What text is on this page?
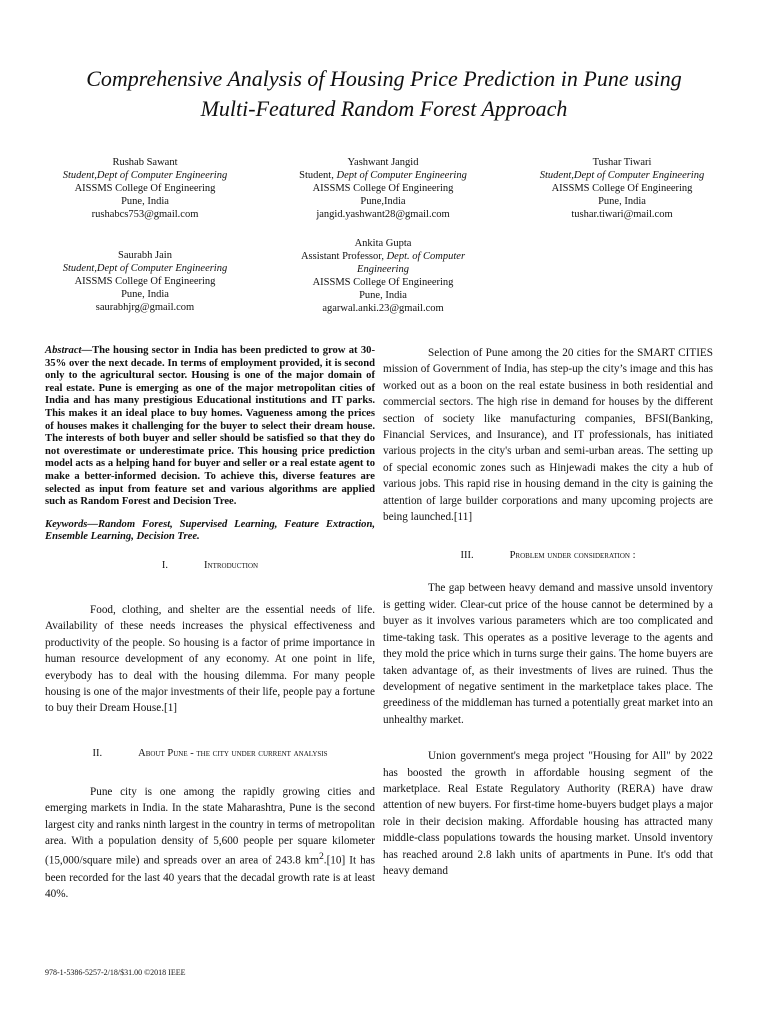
Comprehensive Analysis of Housing Price Prediction in Pune using
Multi-Featured Random Forest Approach
Rushab Sawant
Student,Dept of Computer Engineering
AISSMS College Of Engineering
Pune, India
rushabcs753@gmail.com
Yashwant Jangid
Student, Dept of Computer Engineering
AISSMS College Of Engineering
Pune,India
jangid.yashwant28@gmail.com
Tushar Tiwari
Student,Dept of Computer Engineering
AISSMS College Of Engineering
Pune, India
tushar.tiwari@mail.com
Saurabh Jain
Student,Dept of Computer Engineering
AISSMS College Of Engineering
Pune, India
saurabhjrg@gmail.com
Ankita Gupta
Assistant Professor, Dept. of Computer Engineering
AISSMS College Of Engineering
Pune, India
agarwal.anki.23@gmail.com

Abstract—The housing sector in India has been predicted to grow at 30-35% over the next decade. In terms of employment provided, it is second only to the agricultural sector. Housing is one of the major domain of real estate. Pune is emerging as one of the major metropolitan cities of India and has many prestigious Educational institutions and IT parks. This makes it an ideal place to buy homes. Vagueness among the prices of houses makes it challenging for the buyer to select their dream house. The interests of both buyer and seller should be satisfied so that they do not overestimate or underestimate price. This housing price prediction model acts as a helping hand for buyer and seller or a real estate agent to make a better-informed decision. To achieve this, diverse features are selected as input from feature set and various algorithms are applied such as Random Forest and Decision Tree.

Keywords—Random Forest, Supervised Learning, Feature Extraction, Ensemble Learning, Decision Tree.

I.	Introduction

Food, clothing, and shelter are the essential needs of life. Availability of these needs increases the physical effectiveness and productivity of the people. So housing is a factor of prime importance in human resource development of any economy. At one point in life, everybody has to deal with the housing dilemma. For many people housing is one of the major investments of their life, people pay a fortune to buy their Dream House.[1]

II.	About Pune - the city under current analysis

Pune city is one among the rapidly growing cities and emerging markets in India. In the state Maharashtra, Pune is the second largest city and ranks ninth largest in the country in terms of metropolitan area. With a population density of 5,600 people per square kilometer (15,000/square mile) and spreads over an area of 243.8 $km^2.[10]$ It has been recorded for the last 40 years that the decadal growth rate is at least 40%.

Selection of Pune among the 20 cities for the SMART CITIES mission of Government of India, has step-up the city’s image and this has worked out as a boon on the real estate business in both residential and commercial sectors. The high rise in demand for houses by the different section of society like manufacturing companies, BFSI(Banking, Financial Services, and Insurance), and IT professionals, has initiated various projects in the city's urban and semi-urban areas. The setting up of special economic zones such as Hinjewadi makes the city a hub of various jobs. This rapid rise in housing demand in the city is gaining the attention of large builder corporations and many upcoming projects are being launched.[11]

III.	Problem under consideration :

The gap between heavy demand and massive unsold inventory is getting wider. Clear-cut price of the house cannot be determined by a buyer as it involves various parameters which are too complicated and time-taking task. This operates as a positive leverage to the agents and they mold the price which in turns surge their gains. The home buyers are taken advantage of, as their investments of lives are ruined. Thus the development of negative sentiment in the marketplace takes place. The greediness of the middleman has turned a potentially great market into an unhealthy market.

Union government's mega project "Housing for All" by 2022 has boosted the growth in affordable housing segment of the marketplace. Real Estate Regulatory Authority (RERA) have draw attention of new buyers. For first-time home-buyers budget plays a major role in their decision making. Affordable housing has attracted many middle-class populations towards the housing market. Unsold inventory has reached around 2.8 lakh units of apartments in Pune. It's odd that heavy demand

978-1-5386-5257-2/18/$31.00 ©2018 IEEE
